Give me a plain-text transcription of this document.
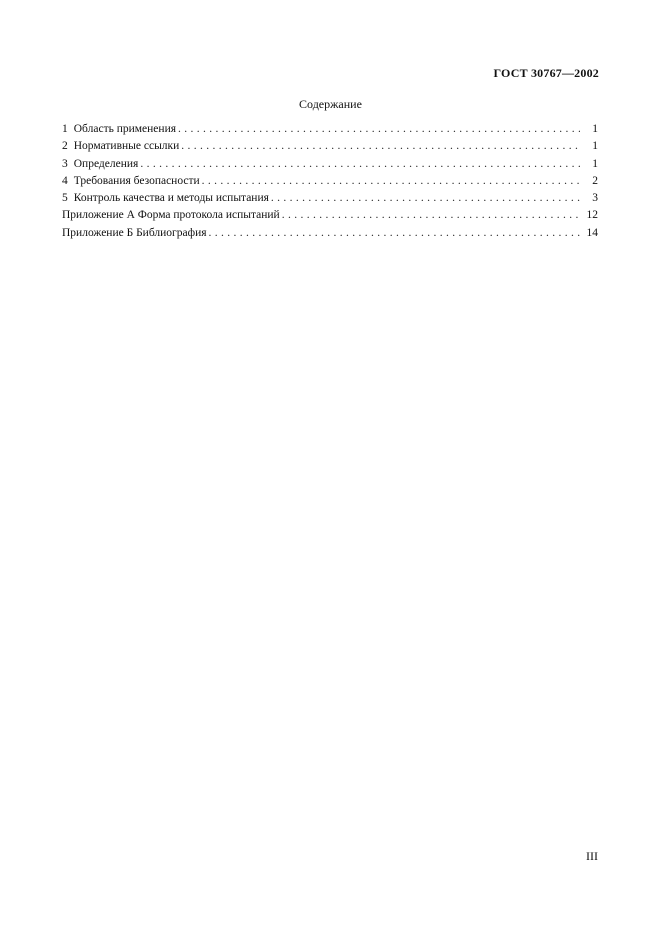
ГОСТ 30767—2002
Содержание
1 Область применения . . .	1
2 Нормативные ссылки . . .	1
3 Определения . . .	1
4 Требования безопасности . . .	2
5 Контроль качества и методы испытания . . .	3
Приложение А Форма протокола испытаний . . .	12
Приложение Б Библиография . . .	14
III
